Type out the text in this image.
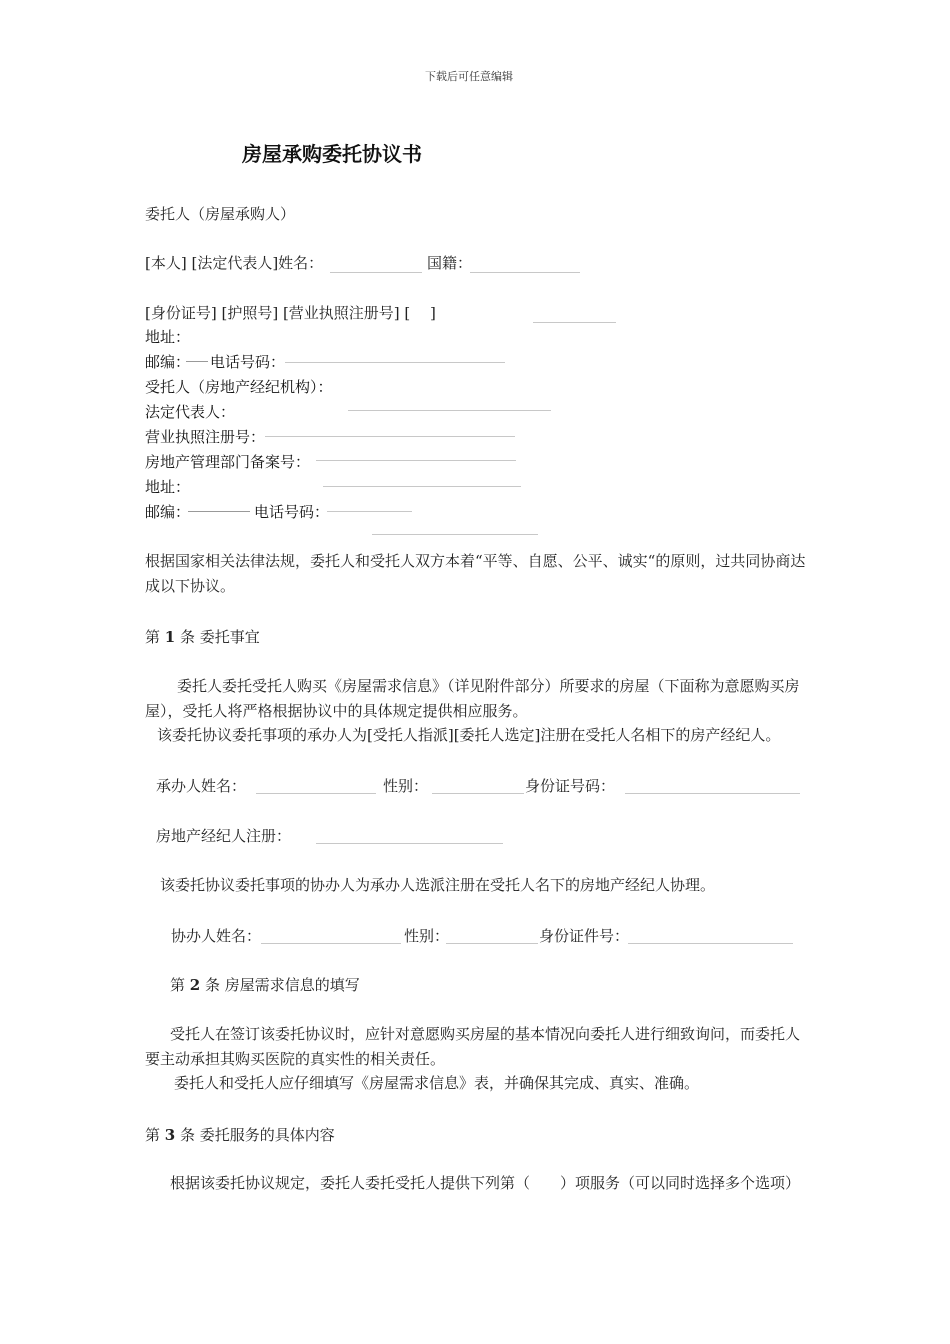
下载后可任意编辑
房屋承购委托协议书
委托人（房屋承购人）
[本人] [法定代表人]姓名：	国籍：
[身份证号] [护照号] [营业执照注册号] [　 ]
地址：
邮编： 电话号码：
受托人（房地产经纪机构）：
法定代表人：
营业执照注册号：
房地产管理部门备案号：
地址：
邮编：	电话号码：
根据国家相关法律法规，委托人和受托人双方本着“平等、自愿、公平、诚实“的原则，过共同协商达成以下协议。
第 1 条 委托事宜
委托人委托受托人购买《房屋需求信息》（详见附件部分）所要求的房屋（下面称为意愿购买房屋），受托人将严格根据协议中的具体规定提供相应服务。
该委托协议委托事项的承办人为[受托人指派][委托人选定]注册在受托人名相下的房产经纪人。
承办人姓名：	性别：	身份证号码：
房地产经纪人注册：
该委托协议委托事项的协办人为承办人选派注册在受托人名下的房地产经纪人协理。
协办人姓名：	性别：	身份证件号：
第 2 条 房屋需求信息的填写
受托人在签订该委托协议时，应针对意愿购买房屋的基本情况向委托人进行细致询问，而委托人要主动承担其购买医院的真实性的相关责任。
委托人和受托人应仔细填写《房屋需求信息》表，并确保其完成、真实、准确。
第 3 条 委托服务的具体内容
根据该委托协议规定，委托人委托受托人提供下列第（　　）项服务（可以同时选择多个选项）
